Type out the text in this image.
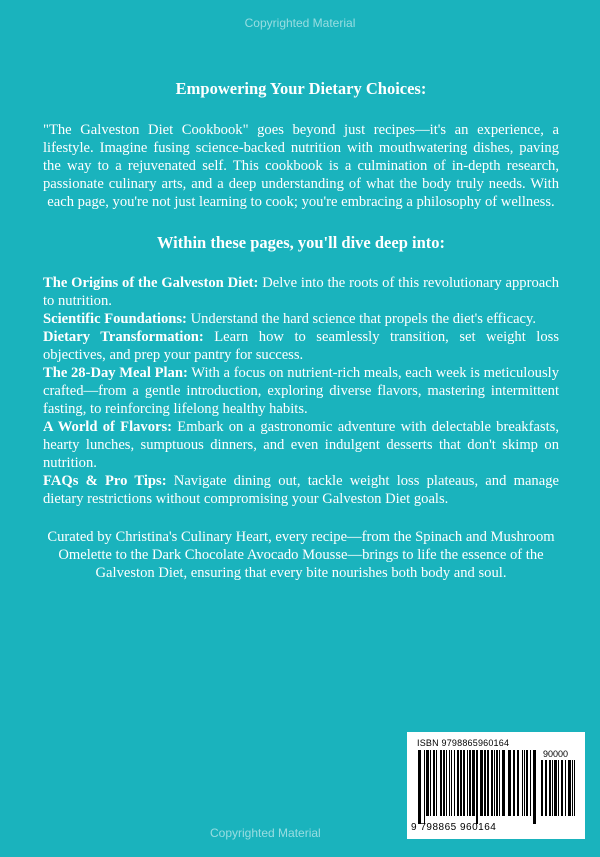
Copyrighted Material
Empowering Your Dietary Choices:

"The Galveston Diet Cookbook" goes beyond just recipes—it's an experience, a lifestyle. Imagine fusing science-backed nutrition with mouthwatering dishes, paving the way to a rejuvenated self. This cookbook is a culmination of in-depth research, passionate culinary arts, and a deep understanding of what the body truly needs. With each page, you're not just learning to cook; you're embracing a philosophy of wellness.

Within these pages, you'll dive deep into:

The Origins of the Galveston Diet: Delve into the roots of this revolutionary approach to nutrition.

Scientific Foundations: Understand the hard science that propels the diet's efficacy.

Dietary Transformation: Learn how to seamlessly transition, set weight loss objectives, and prep your pantry for success.

The 28-Day Meal Plan: With a focus on nutrient-rich meals, each week is meticulously crafted—from a gentle introduction, exploring diverse flavors, mastering intermittent fasting, to reinforcing lifelong healthy habits.

A World of Flavors: Embark on a gastronomic adventure with delectable breakfasts, hearty lunches, sumptuous dinners, and even indulgent desserts that don't skimp on nutrition.

FAQs & Pro Tips: Navigate dining out, tackle weight loss plateaus, and manage dietary restrictions without compromising your Galveston Diet goals.

Curated by Christina's Culinary Heart, every recipe—from the Spinach and Mushroom Omelette to the Dark Chocolate Avocado Mousse—brings to life the essence of the Galveston Diet, ensuring that every bite nourishes both body and soul.

ISBN 9798865960164
90000
9 798865 960164
Copyrighted Material
